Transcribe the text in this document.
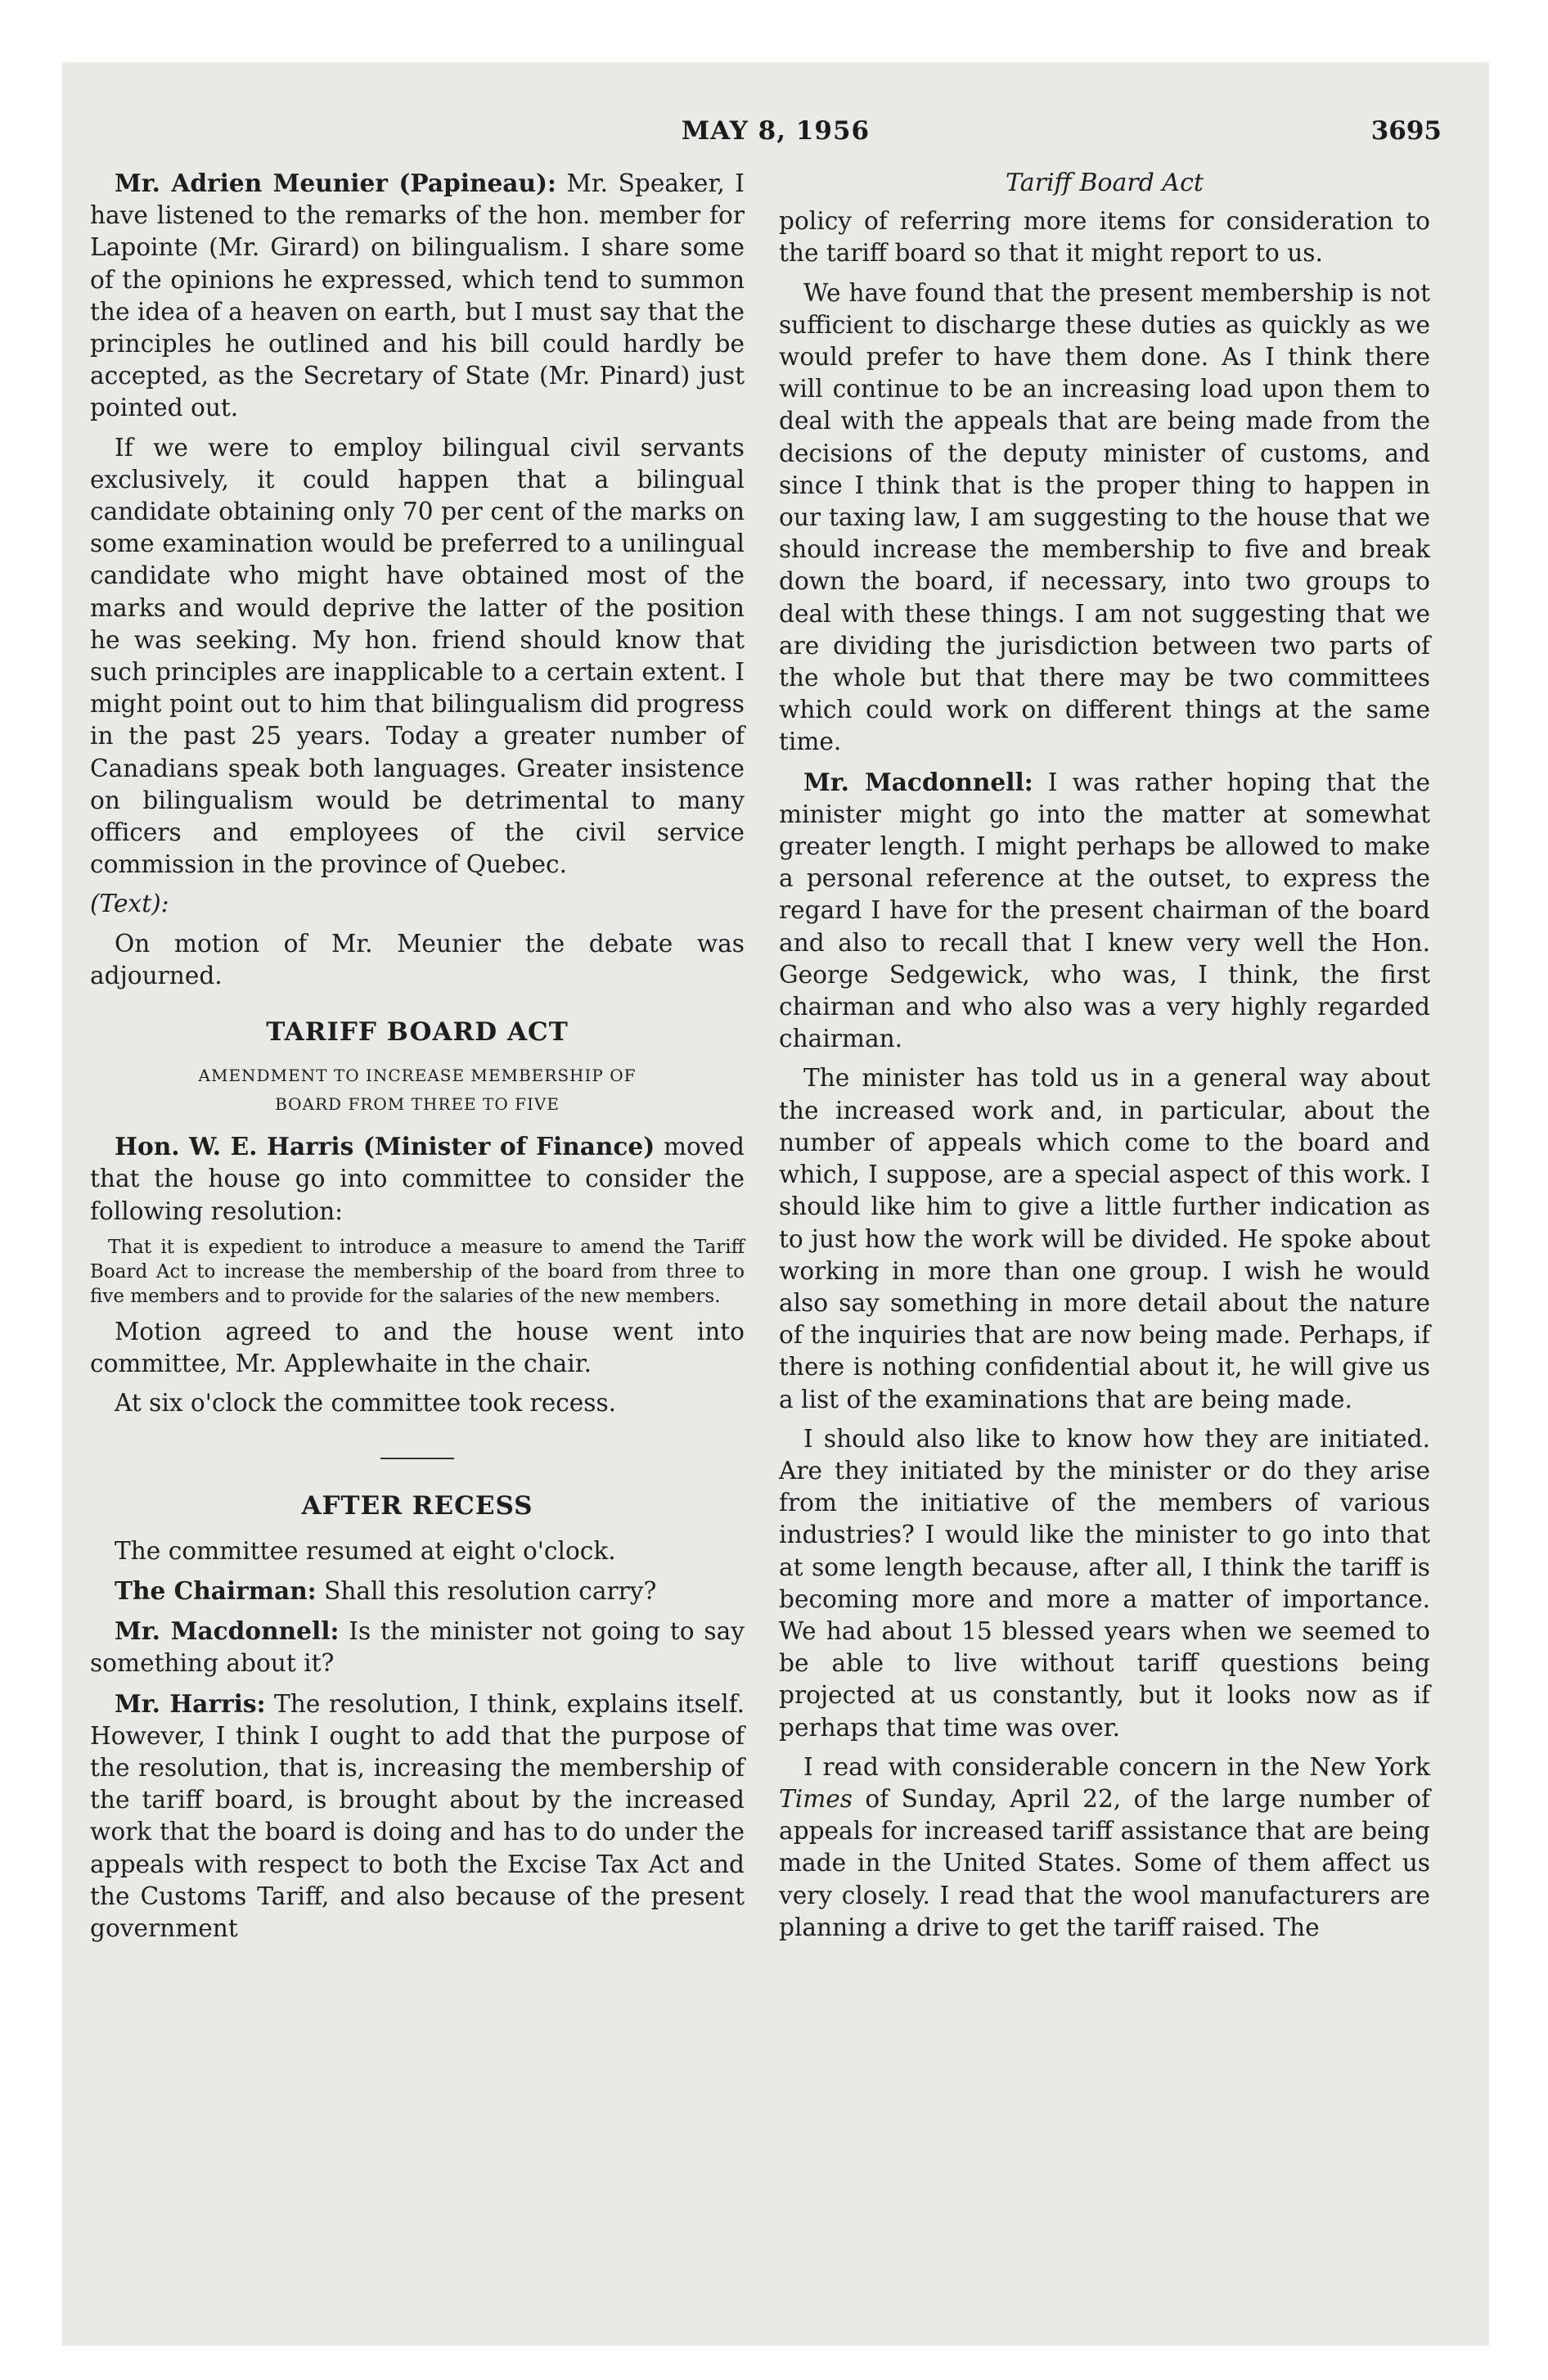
MAY 8, 1956	3695

Mr. Adrien Meunier (Papineau): Mr. Speaker, I have listened to the remarks of the hon. member for Lapointe (Mr. Girard) on bilingualism. I share some of the opinions he expressed, which tend to summon the idea of a heaven on earth, but I must say that the principles he outlined and his bill could hardly be accepted, as the Secretary of State (Mr. Pinard) just pointed out.

If we were to employ bilingual civil servants exclusively, it could happen that a bilingual candidate obtaining only 70 per cent of the marks on some examination would be preferred to a unilingual candidate who might have obtained most of the marks and would deprive the latter of the position he was seeking. My hon. friend should know that such principles are inapplicable to a certain extent. I might point out to him that bilingualism did progress in the past 25 years. Today a greater number of Canadians speak both languages. Greater insistence on bilingualism would be detrimental to many officers and employees of the civil service commission in the province of Quebec.

(Text):

On motion of Mr. Meunier the debate was adjourned.

TARIFF BOARD ACT
AMENDMENT TO INCREASE MEMBERSHIP OF
BOARD FROM THREE TO FIVE

Hon. W. E. Harris (Minister of Finance) moved that the house go into committee to consider the following resolution:

That it is expedient to introduce a measure to amend the Tariff Board Act to increase the membership of the board from three to five members and to provide for the salaries of the new members.

Motion agreed to and the house went into committee, Mr. Applewhaite in the chair.

At six o'clock the committee took recess.

AFTER RECESS

The committee resumed at eight o'clock.

The Chairman: Shall this resolution carry?

Mr. Macdonnell: Is the minister not going to say something about it?

Mr. Harris: The resolution, I think, explains itself. However, I think I ought to add that the purpose of the resolution, that is, increasing the membership of the tariff board, is brought about by the increased work that the board is doing and has to do under the appeals with respect to both the Excise Tax Act and the Customs Tariff, and also because of the present government

Tariff Board Act

policy of referring more items for consideration to the tariff board so that it might report to us.

We have found that the present membership is not sufficient to discharge these duties as quickly as we would prefer to have them done. As I think there will continue to be an increasing load upon them to deal with the appeals that are being made from the decisions of the deputy minister of customs, and since I think that is the proper thing to happen in our taxing law, I am suggesting to the house that we should increase the membership to five and break down the board, if necessary, into two groups to deal with these things. I am not suggesting that we are dividing the jurisdiction between two parts of the whole but that there may be two committees which could work on different things at the same time.

Mr. Macdonnell: I was rather hoping that the minister might go into the matter at somewhat greater length. I might perhaps be allowed to make a personal reference at the outset, to express the regard I have for the present chairman of the board and also to recall that I knew very well the Hon. George Sedgewick, who was, I think, the first chairman and who also was a very highly regarded chairman.

The minister has told us in a general way about the increased work and, in particular, about the number of appeals which come to the board and which, I suppose, are a special aspect of this work. I should like him to give a little further indication as to just how the work will be divided. He spoke about working in more than one group. I wish he would also say something in more detail about the nature of the inquiries that are now being made. Perhaps, if there is nothing confidential about it, he will give us a list of the examinations that are being made.

I should also like to know how they are initiated. Are they initiated by the minister or do they arise from the initiative of the members of various industries? I would like the minister to go into that at some length because, after all, I think the tariff is becoming more and more a matter of importance. We had about 15 blessed years when we seemed to be able to live without tariff questions being projected at us constantly, but it looks now as if perhaps that time was over.

I read with considerable concern in the New York Times of Sunday, April 22, of the large number of appeals for increased tariff assistance that are being made in the United States. Some of them affect us very closely. I read that the wool manufacturers are planning a drive to get the tariff raised. The
